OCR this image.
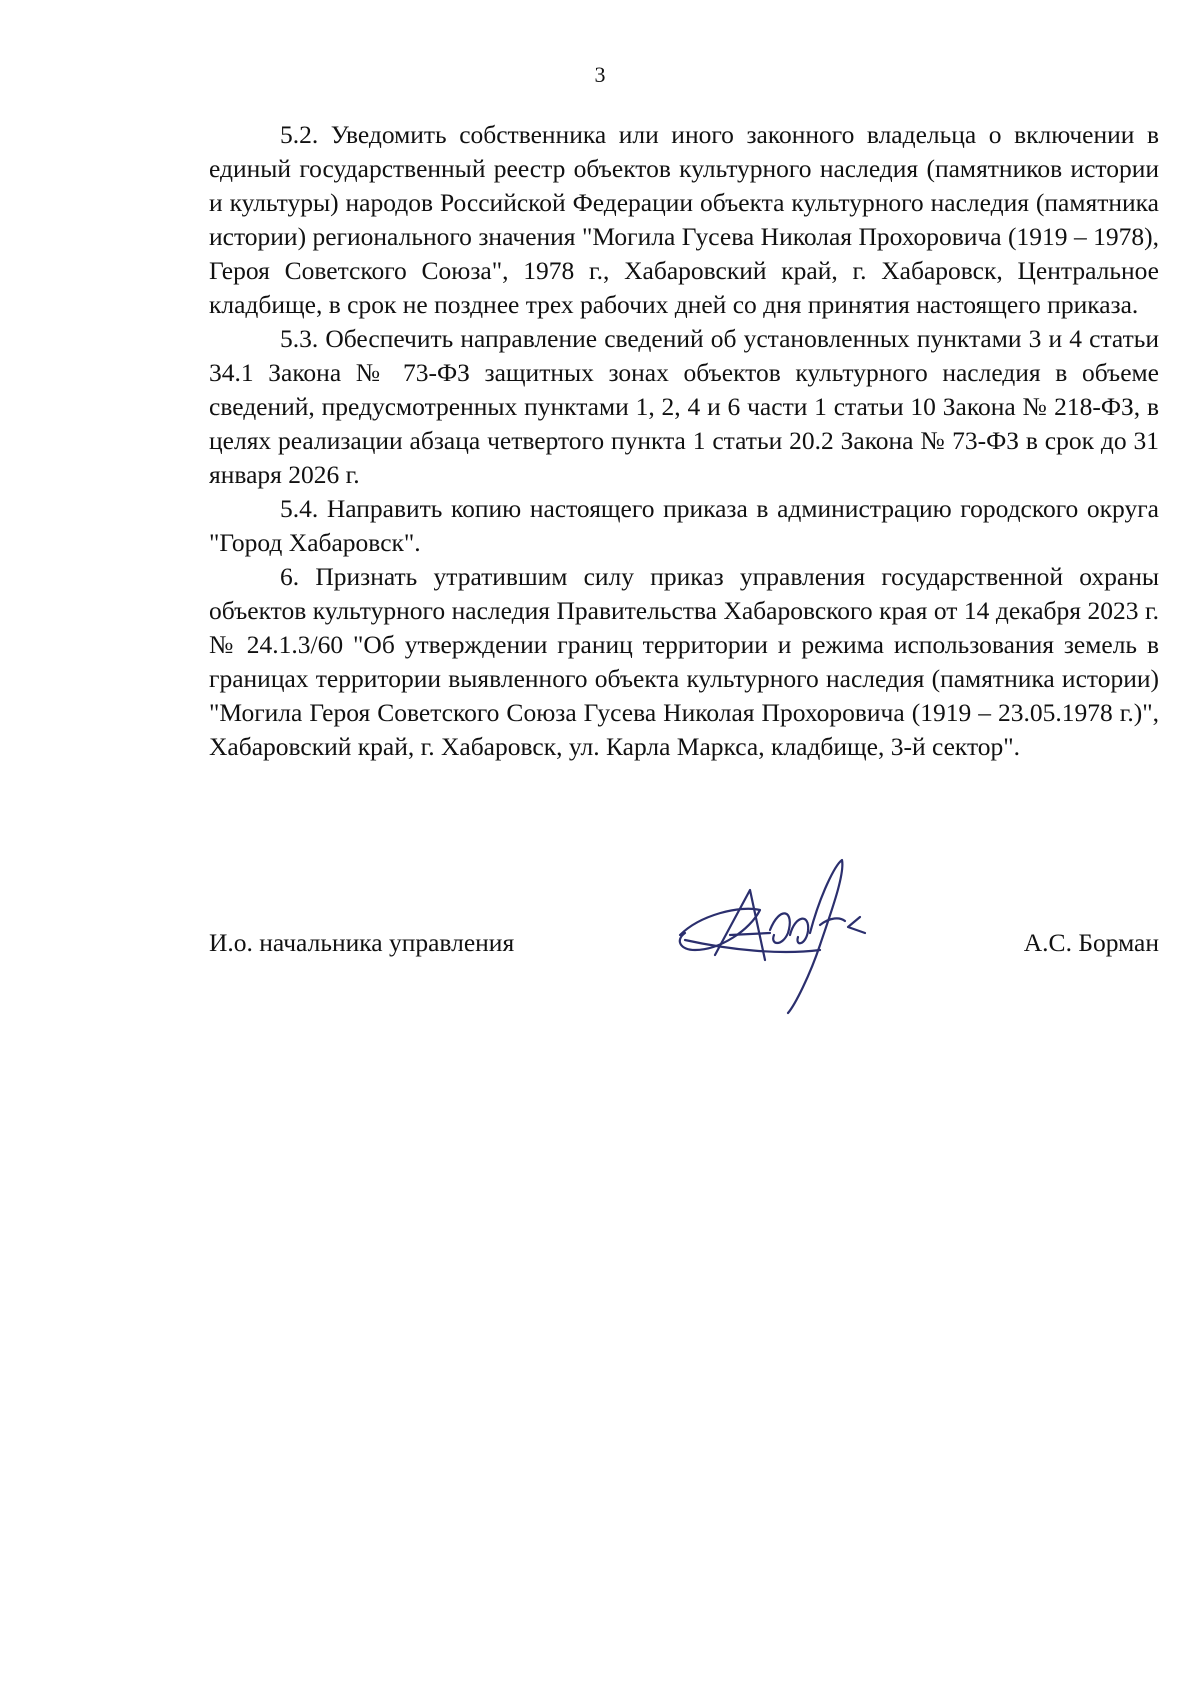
3

5.2. Уведомить собственника или иного законного владельца о включении в единый государственный реестр объектов культурного наследия (памятников истории и культуры) народов Российской Федерации объекта культурного наследия (памятника истории) регионального значения "Могила Гусева Николая Прохоровича (1919 – 1978), Героя Советского Союза", 1978 г., Хабаровский край, г. Хабаровск, Центральное кладбище, в срок не позднее трех рабочих дней со дня принятия настоящего приказа.

5.3. Обеспечить направление сведений об установленных пунктами 3 и 4 статьи 34.1 Закона № 73-ФЗ защитных зонах объектов культурного наследия в объеме сведений, предусмотренных пунктами 1, 2, 4 и 6 части 1 статьи 10 Закона № 218-ФЗ, в целях реализации абзаца четвертого пункта 1 статьи 20.2 Закона № 73-ФЗ в срок до 31 января 2026 г.

5.4. Направить копию настоящего приказа в администрацию городского округа "Город Хабаровск".

6. Признать утратившим силу приказ управления государственной охраны объектов культурного наследия Правительства Хабаровского края от 14 декабря 2023 г. № 24.1.3/60 "Об утверждении границ территории и режима использования земель в границах территории выявленного объекта культурного наследия (памятника истории) "Могила Героя Советского Союза Гусева Николая Прохоровича (1919 – 23.05.1978 г.)", Хабаровский край, г. Хабаровск, ул. Карла Маркса, кладбище, 3-й сектор".

И.о. начальника управления	А.С. Борман
